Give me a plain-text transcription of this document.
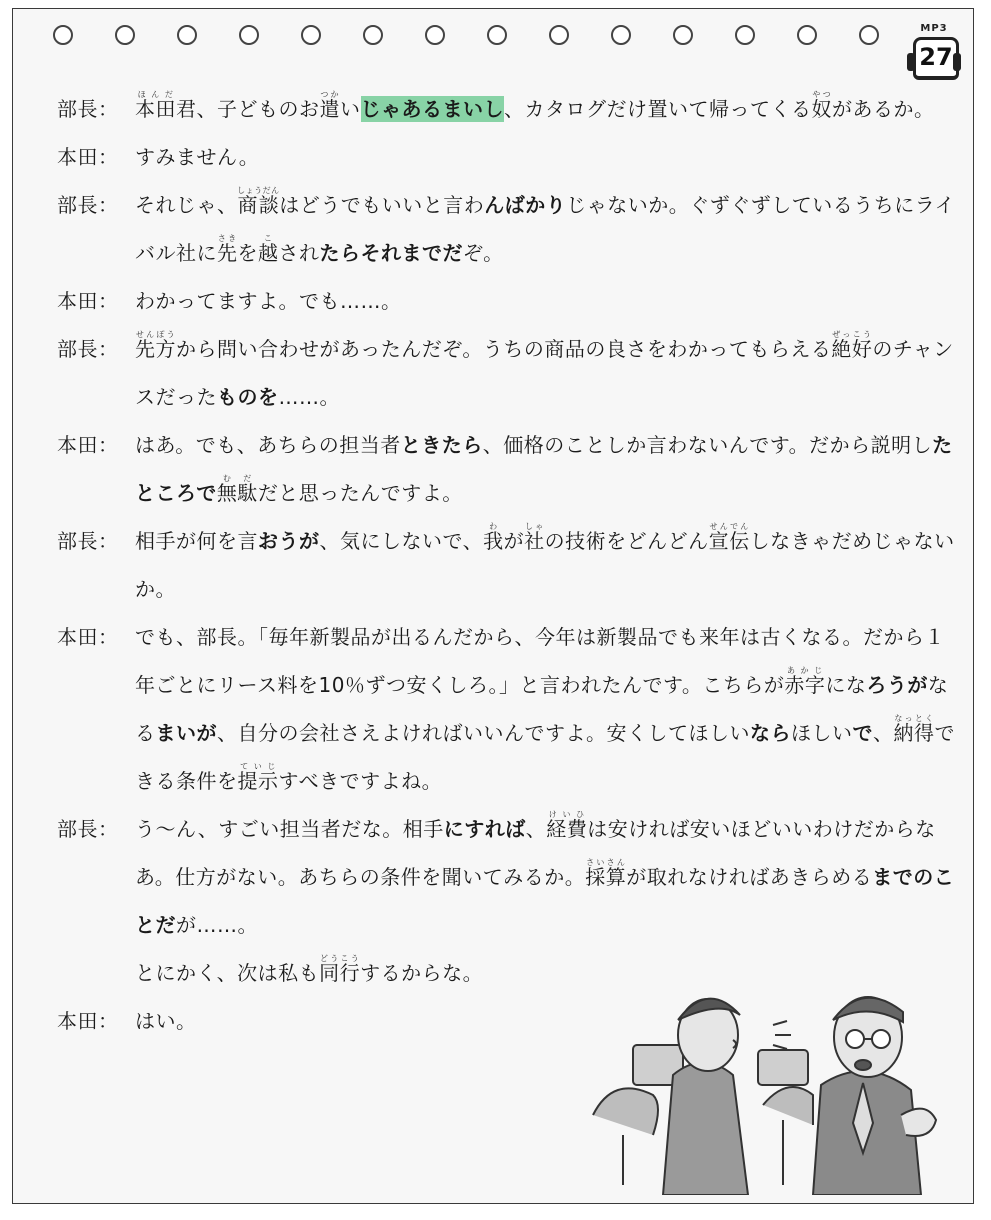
MP3
27
部長： 本田ほんだ君、子どものお遣つかいじゃあるまいし、カタログだけ置いて帰ってくる奴やつがあるか。
本田： すみません。
部長： それじゃ、商談しょうだんはどうでもいいと言わんばかりじゃないか。ぐずぐずしているうちにライバル社に先さきを越こされたらそれまでだぞ。
本田： わかってますよ。でも……。
部長： 先方せんぽうから問い合わせがあったんだぞ。うちの商品の良さをわかってもらえる絶好ぜっこうのチャンスだったものを……。
本田： はあ。でも、あちらの担当者ときたら、価格のことしか言わないんです。だから説明したところで無駄むだだと思ったんですよ。
部長： 相手が何を言おうが、気にしないで、我わが社しゃの技術をどんどん宣伝せんでんしなきゃだめじゃないか。
本田： でも、部長。「毎年新製品が出るんだから、今年は新製品でも来年は古くなる。だから１年ごとにリース料を10％ずつ安くしろ。」と言われたんです。こちらが赤字あかじになろうがなるまいが、自分の会社さえよければいいんですよ。安くしてほしいならほしいで、納得なっとくできる条件を提示ていじすべきですよね。
部長： う～ん、すごい担当者だな。相手にすれば、経費けいひは安ければ安いほどいいわけだからなあ。仕方がない。あちらの条件を聞いてみるか。採算さいさんが取れなければあきらめるまでのことだが……。
とにかく、次は私も同行どうこうするからな。
本田： はい。
